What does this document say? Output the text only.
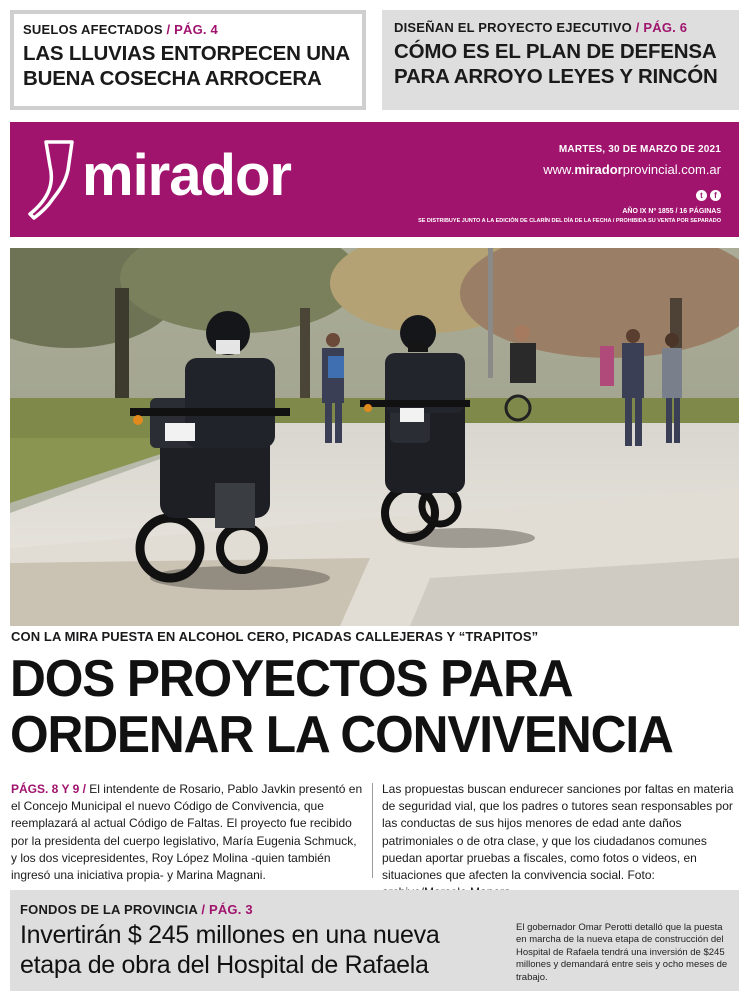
SUELOS AFECTADOS / PÁG. 4
LAS LLUVIAS ENTORPECEN UNA BUENA COSECHA ARROCERA
DISEÑAN EL PROYECTO EJECUTIVO / PÁG. 6
CÓMO ES EL PLAN DE DEFENSA PARA ARROYO LEYES Y RINCÓN
mirador	MARTES, 30 DE MARZO DE 2021
www.miradorprovincial.com.ar
t	f
AÑO IX Nº 1855 / 16 PÁGINAS
SE DISTRIBUYE JUNTO A LA EDICIÓN DE CLARÍN DEL DÍA DE LA FECHA / PROHIBIDA SU VENTA POR SEPARADO
CON LA MIRA PUESTA EN ALCOHOL CERO, PICADAS CALLEJERAS Y “TRAPITOS”
DOS PROYECTOS PARA
ORDENAR LA CONVIVENCIA
PÁGS. 8 Y 9 / El intendente de Rosario, Pablo Javkin presentó en el Concejo Municipal el nuevo Código de Convivencia, que reemplazará al actual Código de Faltas. El proyecto fue recibido por la presidenta del cuerpo legislativo, María Eugenia Schmuck, y los dos vicepresidentes, Roy López Molina -quien también ingresó una iniciativa propia- y Marina Magnani.
Las propuestas buscan endurecer sanciones por faltas en materia de seguridad vial, que los padres o tutores sean responsables por las conductas de sus hijos menores de edad ante daños patrimoniales o de otra clase, y que los ciudadanos comunes puedan aportar pruebas a fiscales, como fotos o videos, en situaciones que afecten la convivencia social. Foto:
FONDOS DE LA PROVINCIA / PÁG. 3
Invertirán $ 245 millones en una nueva etapa de obra del Hospital de Rafaela
El gobernador Omar Perotti detalló que la puesta en marcha de la nueva etapa de construcción del Hospital de Rafaela tendrá una inversión de $245 millones y demandará entre seis y ocho meses de trabajo.
